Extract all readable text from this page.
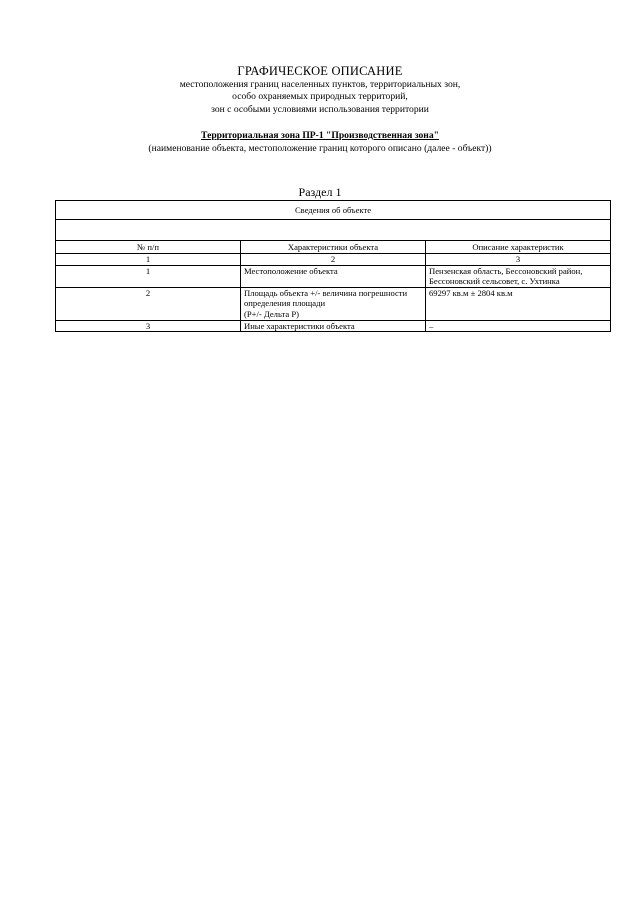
ГРАФИЧЕСКОЕ ОПИСАНИЕ
местоположения границ населенных пунктов, территориальных зон,
особо охраняемых природных территорий,
зон с особыми условиями использования территории
Территориальная зона ПР-1 "Производственная зона"
(наименование объекта, местоположение границ которого описано (далее - объект))
Раздел 1
Сведения об объекте		

№ п/п	Характеристики объекта	Описание характеристик
1	2	3
1	Местоположение объекта	Пензенская область, Бессоновский район,
Бессоновский сельсовет, с. Ухтинка

2	Площадь объекта +/- величина погрешности
определения площади
(P+/- Дельта P)	69297 кв.м ± 2804 кв.м

3	Иные характеристики объекта	–
